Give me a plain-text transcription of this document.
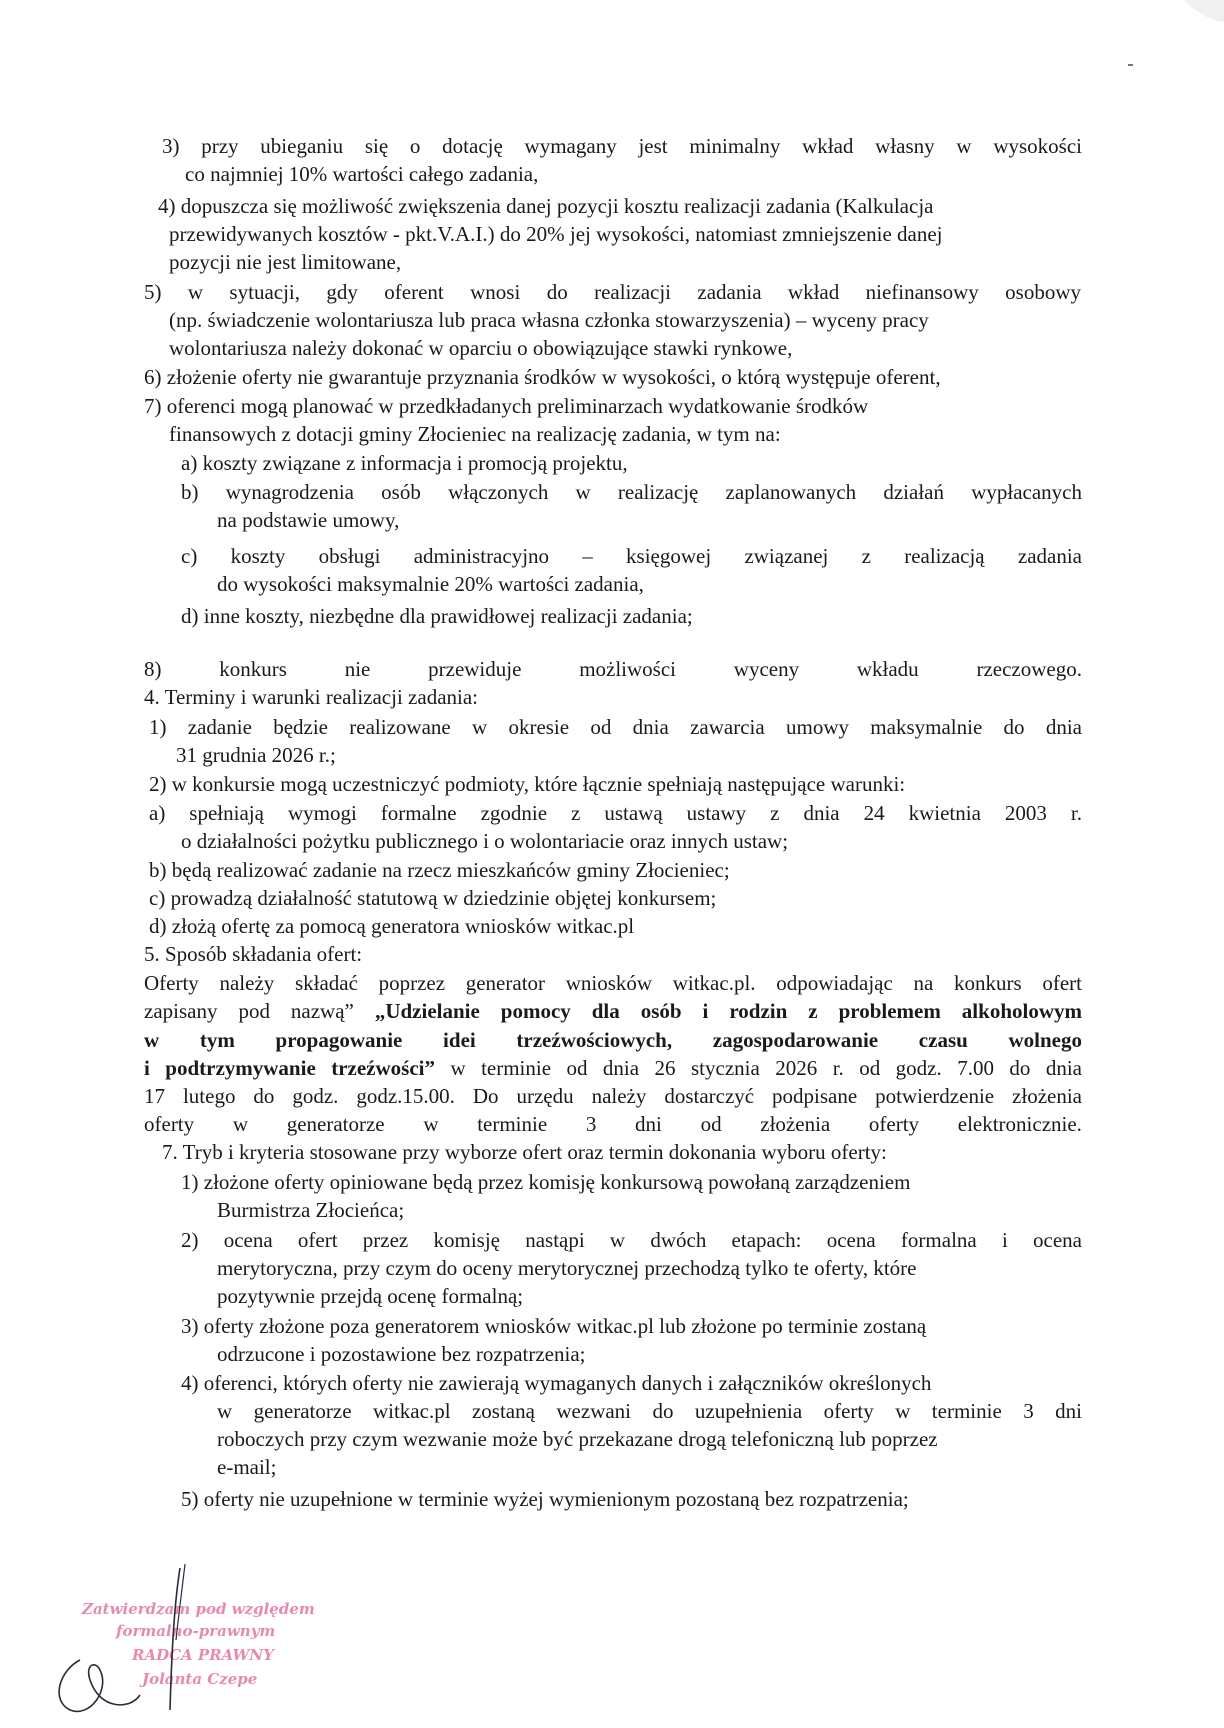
3) przy ubieganiu się o dotację wymagany jest minimalny wkład własny w wysokości

co najmniej 10% wartości całego zadania,

4) dopuszcza się możliwość zwiększenia danej pozycji kosztu realizacji zadania (Kalkulacja

przewidywanych kosztów - pkt.V.A.I.) do 20% jej wysokości, natomiast zmniejszenie danej

pozycji nie jest limitowane,

5) w sytuacji, gdy oferent wnosi do realizacji zadania wkład niefinansowy osobowy

(np. świadczenie wolontariusza lub praca własna członka stowarzyszenia) – wyceny pracy

wolontariusza należy dokonać w oparciu o obowiązujące stawki rynkowe,

6) złożenie oferty nie gwarantuje przyznania środków w wysokości, o którą występuje oferent,

7) oferenci mogą planować w przedkładanych preliminarzach wydatkowanie środków

finansowych z dotacji gminy Złocieniec na realizację zadania, w tym na:

a) koszty związane z informacja i promocją projektu,

b) wynagrodzenia osób włączonych w realizację zaplanowanych działań wypłacanych

na podstawie umowy,

c) koszty obsługi administracyjno – księgowej związanej z realizacją zadania

do wysokości maksymalnie 20% wartości zadania,

d) inne koszty, niezbędne dla prawidłowej realizacji zadania;

8)	konkurs	nie	przewiduje	możliwości	wyceny	wkładu	rzeczowego.

4. Terminy i warunki realizacji zadania:

1) zadanie będzie realizowane w okresie od dnia zawarcia umowy maksymalnie do dnia

31 grudnia 2026 r.;

2) w konkursie mogą uczestniczyć podmioty, które łącznie spełniają następujące warunki:

a) spełniają wymogi formalne zgodnie z ustawą ustawy z dnia 24 kwietnia 2003 r.

o działalności pożytku publicznego i o wolontariacie oraz innych ustaw;

b) będą realizować zadanie na rzecz mieszkańców gminy Złocieniec;

c) prowadzą działalność statutową w dziedzinie objętej konkursem;

d) złożą ofertę za pomocą generatora wniosków witkac.pl

5. Sposób składania ofert:

Oferty należy składać poprzez generator wniosków witkac.pl. odpowiadając na konkurs ofert

zapisany pod nazwą” „Udzielanie pomocy dla osób i rodzin z problemem alkoholowym

w tym propagowanie idei trzeźwościowych, zagospodarowanie czasu wolnego

i podtrzymywanie trzeźwości” w terminie od dnia 26 stycznia 2026 r. od godz. 7.00 do dnia

17 lutego do godz. godz.15.00. Do urzędu należy dostarczyć podpisane potwierdzenie złożenia

oferty w generatorze w terminie 3 dni od złożenia oferty elektronicznie.

7. Tryb i kryteria stosowane przy wyborze ofert oraz termin dokonania wyboru oferty:

1) złożone oferty opiniowane będą przez komisję konkursową powołaną zarządzeniem

Burmistrza Złocieńca;

2) ocena ofert przez komisję nastąpi w dwóch etapach: ocena formalna i ocena

merytoryczna, przy czym do oceny merytorycznej przechodzą tylko te oferty, które

pozytywnie przejdą ocenę formalną;

3) oferty złożone poza generatorem wniosków witkac.pl lub złożone po terminie zostaną

odrzucone i pozostawione bez rozpatrzenia;

4) oferenci, których oferty nie zawierają wymaganych danych i załączników określonych

w generatorze witkac.pl zostaną wezwani do uzupełnienia oferty w terminie 3 dni

roboczych przy czym wezwanie może być przekazane drogą telefoniczną lub poprzez

e-mail;

5) oferty nie uzupełnione w terminie wyżej wymienionym pozostaną bez rozpatrzenia;

Zatwierdzam pod względem
formalno-prawnym
RADCA PRAWNY
Jolanta Czepe
